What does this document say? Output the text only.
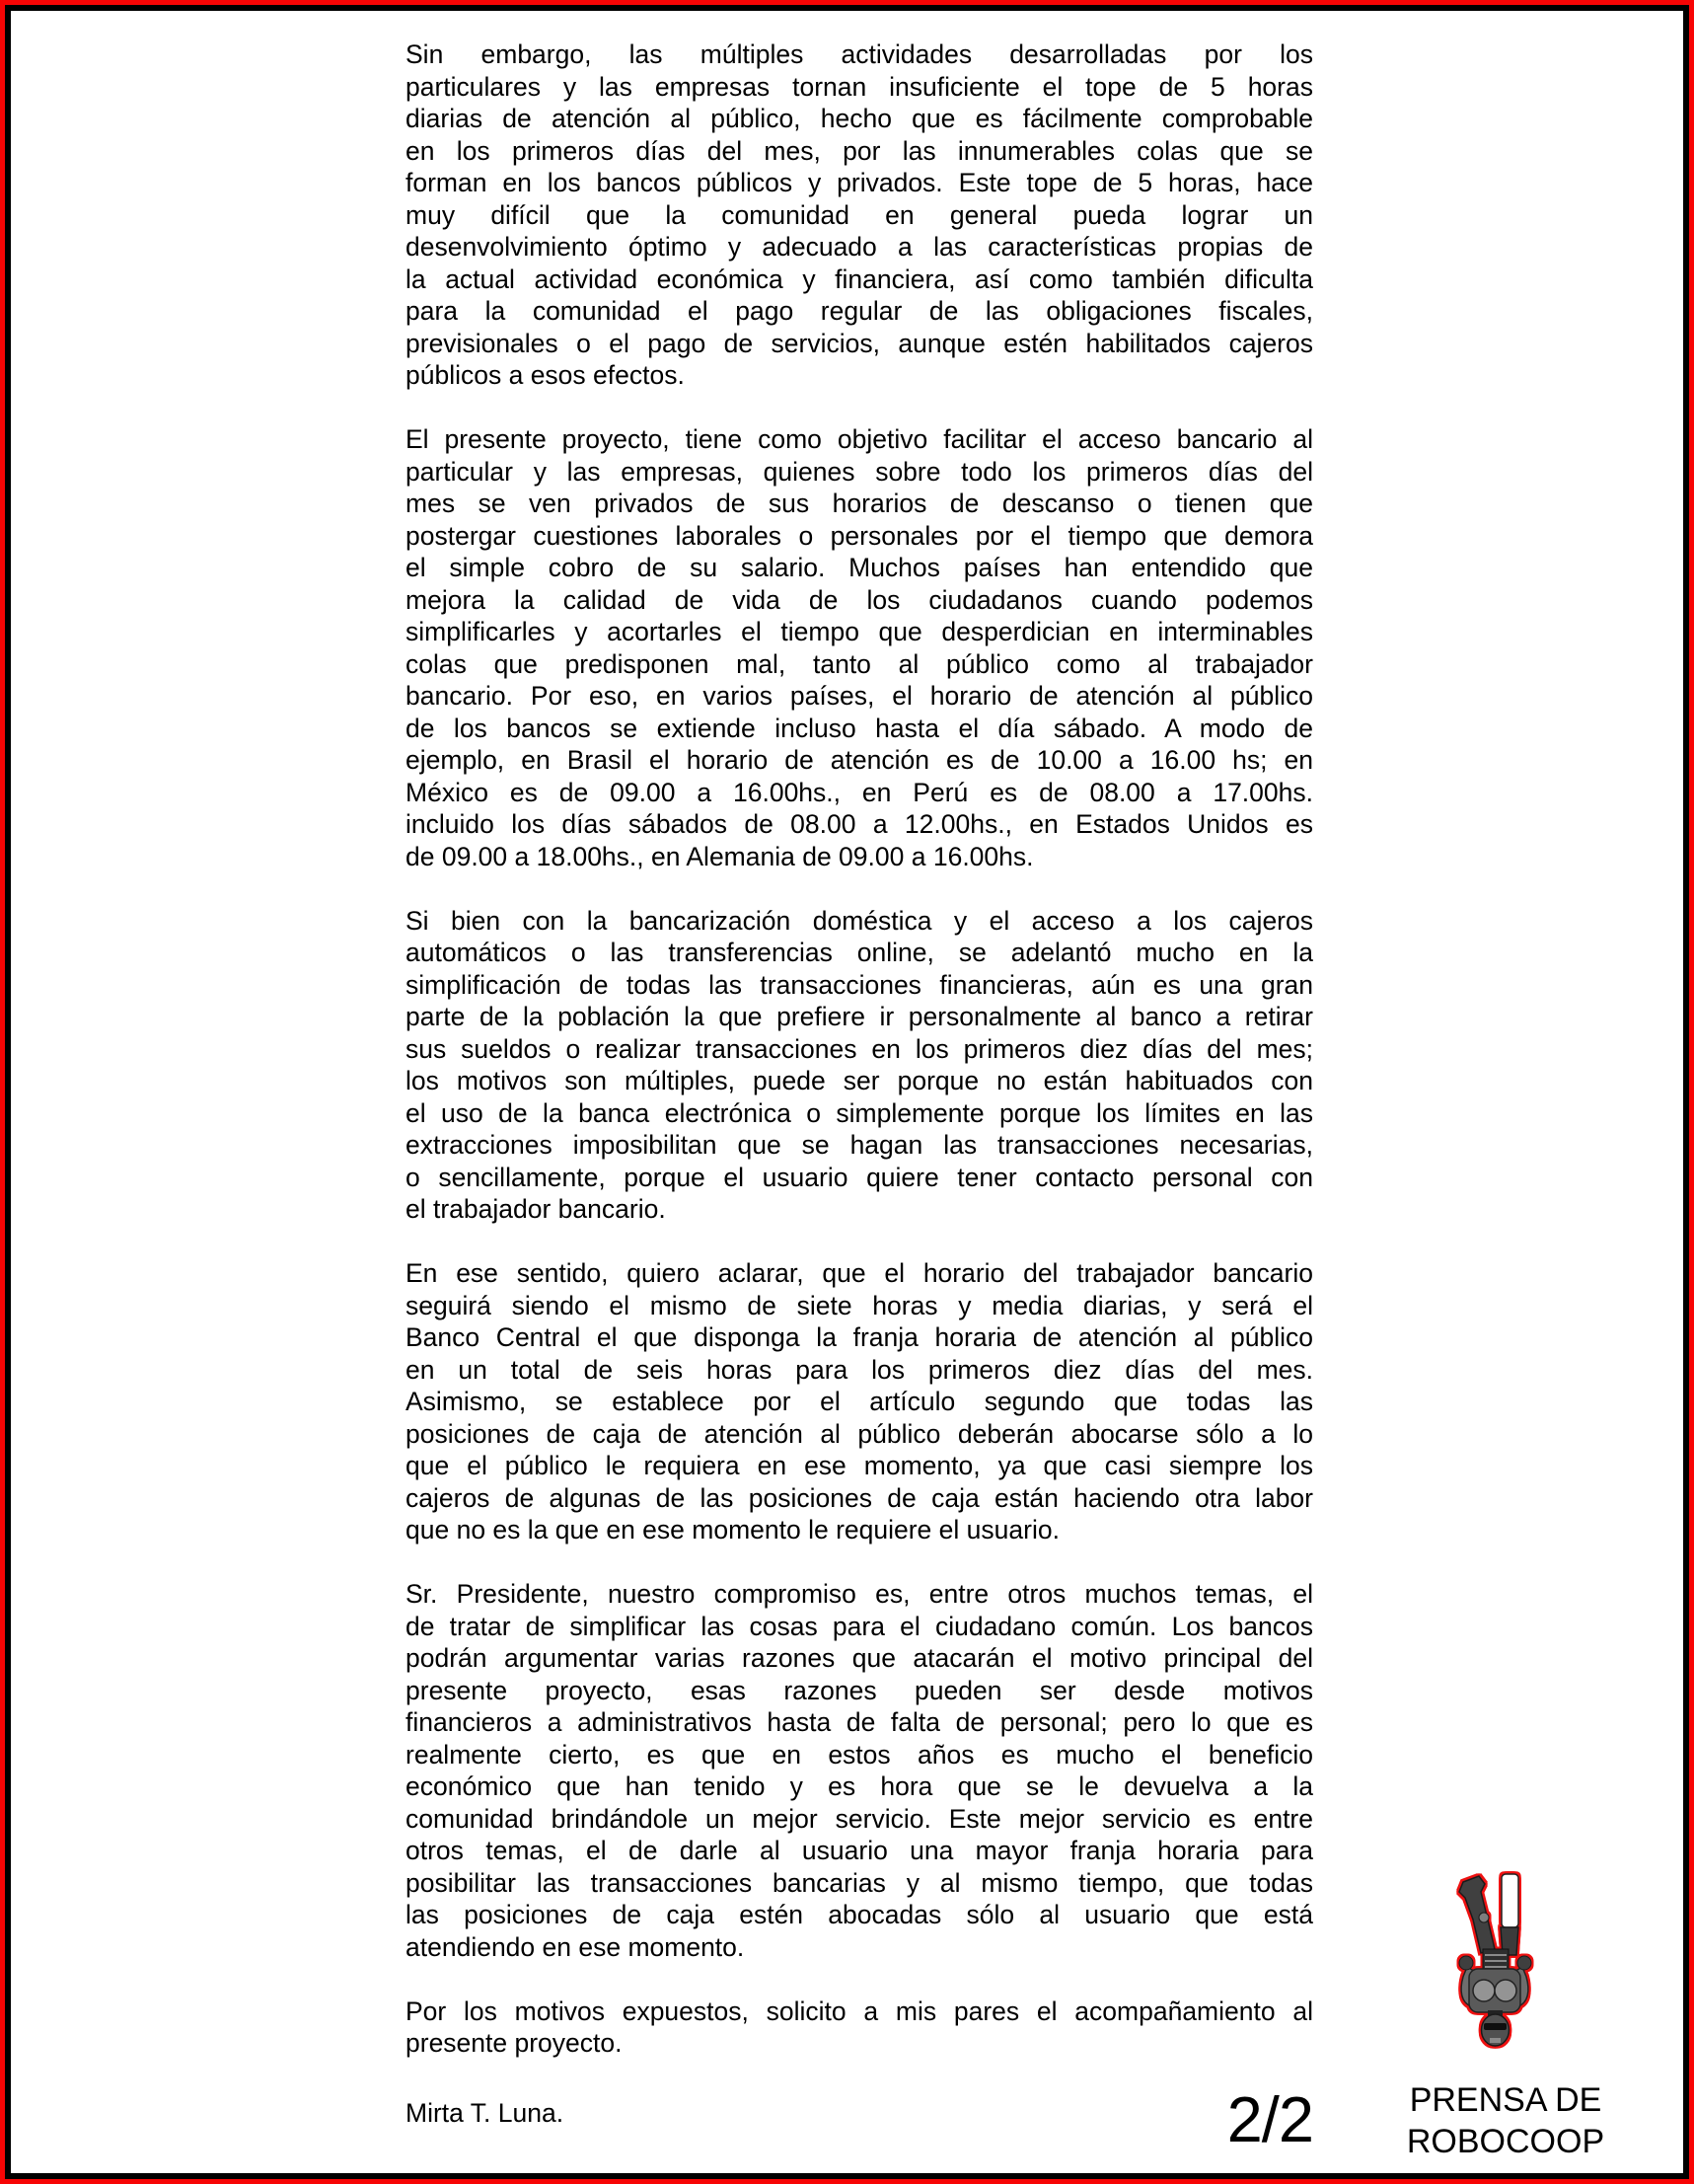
Sin embargo, las múltiples actividades desarrolladas por los
particulares y las empresas tornan insuficiente el tope de 5 horas
diarias de atención al público, hecho que es fácilmente comprobable
en los primeros días del mes, por las innumerables colas que se
forman en los bancos públicos y privados. Este tope de 5 horas, hace
muy difícil que la comunidad en general pueda lograr un
desenvolvimiento óptimo y adecuado a las características propias de
la actual actividad económica y financiera, así como también dificulta
para la comunidad el pago regular de las obligaciones fiscales,
previsionales o el pago de servicios, aunque estén habilitados cajeros
públicos a esos efectos.

El presente proyecto, tiene como objetivo facilitar el acceso bancario al
particular y las empresas, quienes sobre todo los primeros días del
mes se ven privados de sus horarios de descanso o tienen que
postergar cuestiones laborales o personales por el tiempo que demora
el simple cobro de su salario. Muchos países han entendido que
mejora la calidad de vida de los ciudadanos cuando podemos
simplificarles y acortarles el tiempo que desperdician en interminables
colas que predisponen mal, tanto al público como al trabajador
bancario. Por eso, en varios países, el horario de atención al público
de los bancos se extiende incluso hasta el día sábado. A modo de
ejemplo, en Brasil el horario de atención es de 10.00 a 16.00 hs; en
México es de 09.00 a 16.00hs., en Perú es de 08.00 a 17.00hs.
incluido los días sábados de 08.00 a 12.00hs., en Estados Unidos es
de 09.00 a 18.00hs., en Alemania de 09.00 a 16.00hs.

Si bien con la bancarización doméstica y el acceso a los cajeros
automáticos o las transferencias online, se adelantó mucho en la
simplificación de todas las transacciones financieras, aún es una gran
parte de la población la que prefiere ir personalmente al banco a retirar
sus sueldos o realizar transacciones en los primeros diez días del mes;
los motivos son múltiples, puede ser porque no están habituados con
el uso de la banca electrónica o simplemente porque los límites en las
extracciones imposibilitan que se hagan las transacciones necesarias,
o sencillamente, porque el usuario quiere tener contacto personal con
el trabajador bancario.

En ese sentido, quiero aclarar, que el horario del trabajador bancario
seguirá siendo el mismo de siete horas y media diarias, y será el
Banco Central el que disponga la franja horaria de atención al público
en un total de seis horas para los primeros diez días del mes.
Asimismo, se establece por el artículo segundo que todas las
posiciones de caja de atención al público deberán abocarse sólo a lo
que el público le requiera en ese momento, ya que casi siempre los
cajeros de algunas de las posiciones de caja están haciendo otra labor
que no es la que en ese momento le requiere el usuario.

Sr. Presidente, nuestro compromiso es, entre otros muchos temas, el
de tratar de simplificar las cosas para el ciudadano común. Los bancos
podrán argumentar varias razones que atacarán el motivo principal del
presente proyecto, esas razones pueden ser desde motivos
financieros a administrativos hasta de falta de personal; pero lo que es
realmente cierto, es que en estos años es mucho el beneficio
económico que han tenido y es hora que se le devuelva a la
comunidad brindándole un mejor servicio. Este mejor servicio es entre
otros temas, el de darle al usuario una mayor franja horaria para
posibilitar las transacciones bancarias y al mismo tiempo, que todas
las posiciones de caja estén abocadas sólo al usuario que está
atendiendo en ese momento.

Por los motivos expuestos, solicito a mis pares el acompañamiento al
presente proyecto.

Mirta T. Luna.	2/2	PRENSA DE
ROBOCOOP
